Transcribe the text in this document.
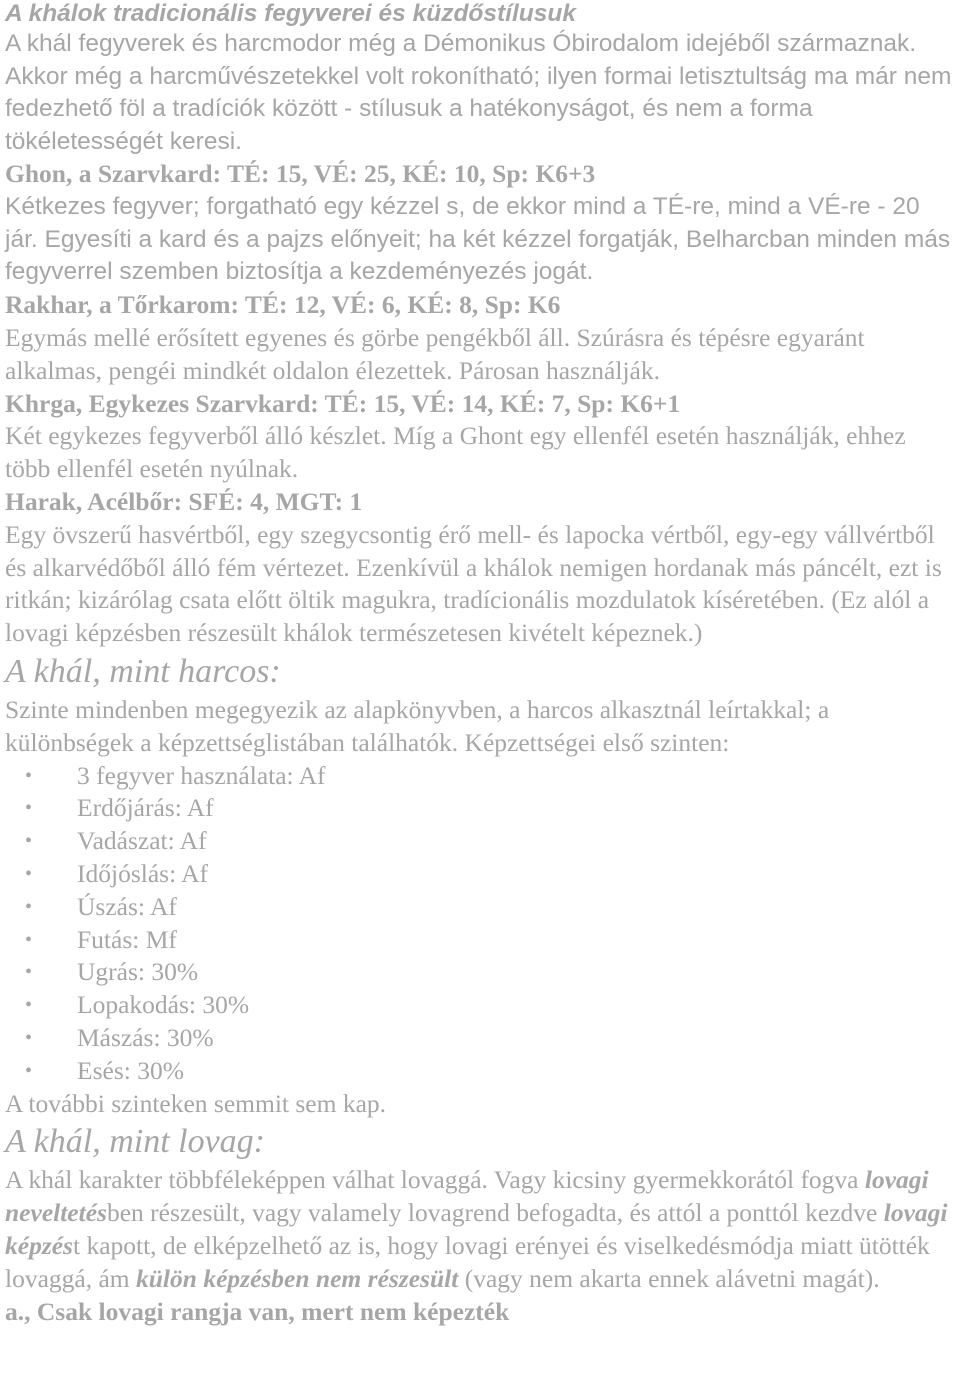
A khálok tradicionális fegyverei és küzdőstílusuk

A khál fegyverek és harcmodor még a Démonikus Óbirodalom idejéből származnak. Akkor még a harcművészetekkel volt rokonítható; ilyen formai letisztultság ma már nem fedezhető föl a tradíciók között - stílusuk a hatékonyságot, és nem a forma tökéletességét keresi.

Ghon, a Szarvkard: TÉ: 15, VÉ: 25, KÉ: 10, Sp: K6+3

Kétkezes fegyver; forgatható egy kézzel s, de ekkor mind a TÉ-re, mind a VÉ-re - 20 jár. Egyesíti a kard és a pajzs előnyeit; ha két kézzel forgatják, Belharcban minden más fegyverrel szemben biztosítja a kezdeményezés jogát.

Rakhar, a Tőrkarom: TÉ: 12, VÉ: 6, KÉ: 8, Sp: K6

Egymás mellé erősített egyenes és görbe pengékből áll. Szúrásra és tépésre egyaránt alkalmas, pengéi mindkét oldalon élezettek. Párosan használják.

Khrga, Egykezes Szarvkard: TÉ: 15, VÉ: 14, KÉ: 7, Sp: K6+1

Két egykezes fegyverből álló készlet. Míg a Ghont egy ellenfél esetén használják, ehhez több ellenfél esetén nyúlnak.

Harak, Acélbőr: SFÉ: 4, MGT: 1

Egy övszerű hasvértből, egy szegycsontig érő mell- és lapocka vértből, egy-egy vállvértből és alkarvédőből álló fém vértezet. Ezenkívül a khálok nemigen hordanak más páncélt, ezt is ritkán; kizárólag csata előtt öltik magukra, tradícionális mozdulatok kíséretében. (Ez alól a lovagi képzésben részesült khálok természetesen kivételt képeznek.)

A khál, mint harcos:

Szinte mindenben megegyezik az alapkönyvben, a harcos alkasztnál leírtakkal; a különbségek a képzettséglistában találhatók. Képzettségei első szinten:

• 3 fegyver használata: Af
• Erdőjárás: Af
• Vadászat: Af
• Időjóslás: Af
• Úszás: Af
• Futás: Mf
• Ugrás: 30%
• Lopakodás: 30%
• Mászás: 30%
• Esés: 30%

A további szinteken semmit sem kap.

A khál, mint lovag:

A khál karakter többféleképpen válhat lovaggá. Vagy kicsiny gyermekkorától fogva lovagi neveltetésben részesült, vagy valamely lovagrend befogadta, és attól a ponttól kezdve lovagi képzést kapott, de elképzelhető az is, hogy lovagi erényei és viselkedésmódja miatt ütötték lovaggá, ám külön képzésben nem részesült (vagy nem akarta ennek alávetni magát).

a., Csak lovagi rangja van, mert nem képezték
